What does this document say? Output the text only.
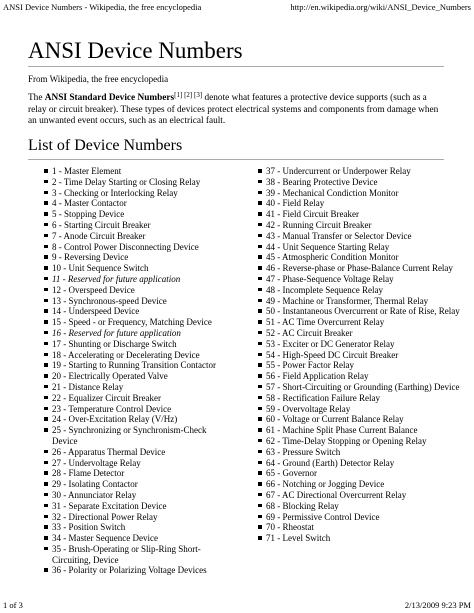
ANSI Device Numbers - Wikipedia, the free encyclopedia	http://en.wikipedia.org/wiki/ANSI_Device_Numbers
ANSI Device Numbers
From Wikipedia, the free encyclopedia

The ANSI Standard Device Numbers[1] [2] [3] denote what features a protective device supports (such as a relay or circuit breaker). These types of devices protect electrical systems and components from damage when an unwanted event occurs, such as an electrical fault.

List of Device Numbers
1 - Master Element
2 - Time Delay Starting or Closing Relay
3 - Checking or Interlocking Relay
4 - Master Contactor
5 - Stopping Device
6 - Starting Circuit Breaker
7 - Anode Circuit Breaker
8 - Control Power Disconnecting Device
9 - Reversing Device
10 - Unit Sequence Switch
11 - Reserved for future application
12 - Overspeed Device
13 - Synchronous-speed Device
14 - Underspeed Device
15 - Speed - or Frequency, Matching Device
16 - Reserved for future application
17 - Shunting or Discharge Switch
18 - Accelerating or Decelerating Device
19 - Starting to Running Transition Contactor
20 - Electrically Operated Valve
21 - Distance Relay
22 - Equalizer Circuit Breaker
23 - Temperature Control Device
24 - Over-Excitation Relay (V/Hz)
25 - Synchronizing or Synchronism-Check Device
26 - Apparatus Thermal Device
27 - Undervoltage Relay
28 - Flame Detector
29 - Isolating Contactor
30 - Annunciator Relay
31 - Separate Excitation Device
32 - Directional Power Relay
33 - Position Switch
34 - Master Sequence Device
35 - Brush-Operating or Slip-Ring Short-Circuiting, Device
36 - Polarity or Polarizing Voltage Devices
37 - Undercurrent or Underpower Relay
38 - Bearing Protective Device
39 - Mechanical Condiction Monitor
40 - Field Relay
41 - Field Circuit Breaker
42 - Running Circuit Breaker
43 - Manual Transfer or Selector Device
44 - Unit Sequence Starting Relay
45 - Atmospheric Condition Monitor
46 - Reverse-phase or Phase-Balance Current Relay
47 - Phase-Sequence Voltage Relay
48 - Incomplete Sequence Relay
49 - Machine or Transformer, Thermal Relay
50 - Instantaneous Overcurrent or Rate of Rise, Relay
51 - AC Time Overcurrent Relay
52 - AC Circuit Breaker
53 - Exciter or DC Generator Relay
54 - High-Speed DC Circuit Breaker
55 - Power Factor Relay
56 - Field Application Relay
57 - Short-Circuiting or Grounding (Earthing) Device
58 - Rectification Failure Relay
59 - Overvoltage Relay
60 - Voltage or Current Balance Relay
61 - Machine Split Phase Current Balance
62 - Time-Delay Stopping or Opening Relay
63 - Pressure Switch
64 - Ground (Earth) Detector Relay
65 - Governor
66 - Notching or Jogging Device
67 - AC Directional Overcurrent Relay
68 - Blocking Relay
69 - Permissive Control Device
70 - Rheostat
71 - Level Switch
1 of 3	2/13/2009 9:23 PM
